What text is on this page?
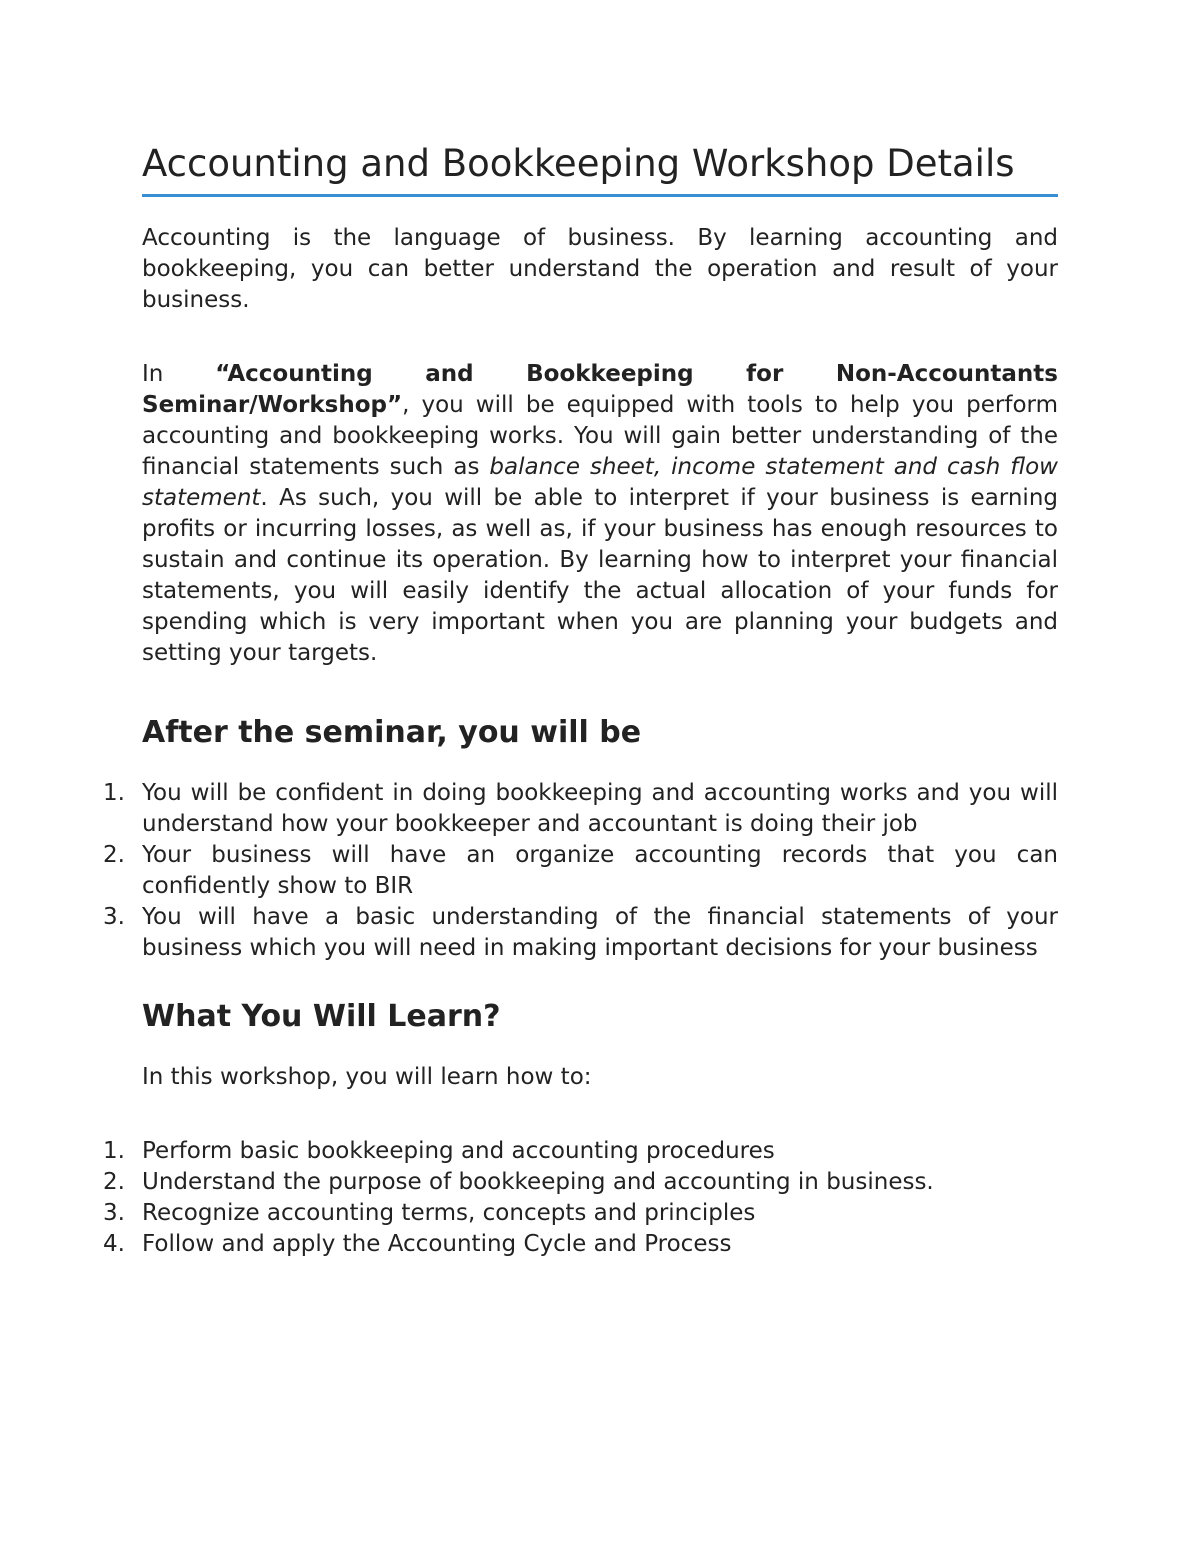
Accounting and Bookkeeping Workshop Details

Accounting is the language of business. By learning accounting and bookkeeping, you can better understand the operation and result of your business.

In “Accounting and Bookkeeping for Non-Accountants Seminar/Workshop”, you will be equipped with tools to help you perform accounting and bookkeeping works. You will gain better understanding of the financial statements such as balance sheet, income statement and cash flow statement. As such, you will be able to interpret if your business is earning profits or incurring losses, as well as, if your business has enough resources to sustain and continue its operation. By learning how to interpret your financial statements, you will easily identify the actual allocation of your funds for spending which is very important when you are planning your budgets and setting your targets.

After the seminar, you will be
1. You will be confident in doing bookkeeping and accounting works and you will understand how your bookkeeper and accountant is doing their job
2. Your business will have an organize accounting records that you can confidently show to BIR
3. You will have a basic understanding of the financial statements of your business which you will need in making important decisions for your business
What You Will Learn?

In this workshop, you will learn how to:

1. Perform basic bookkeeping and accounting procedures
2. Understand the purpose of bookkeeping and accounting in business.
3. Recognize accounting terms, concepts and principles
4. Follow and apply the Accounting Cycle and Process
